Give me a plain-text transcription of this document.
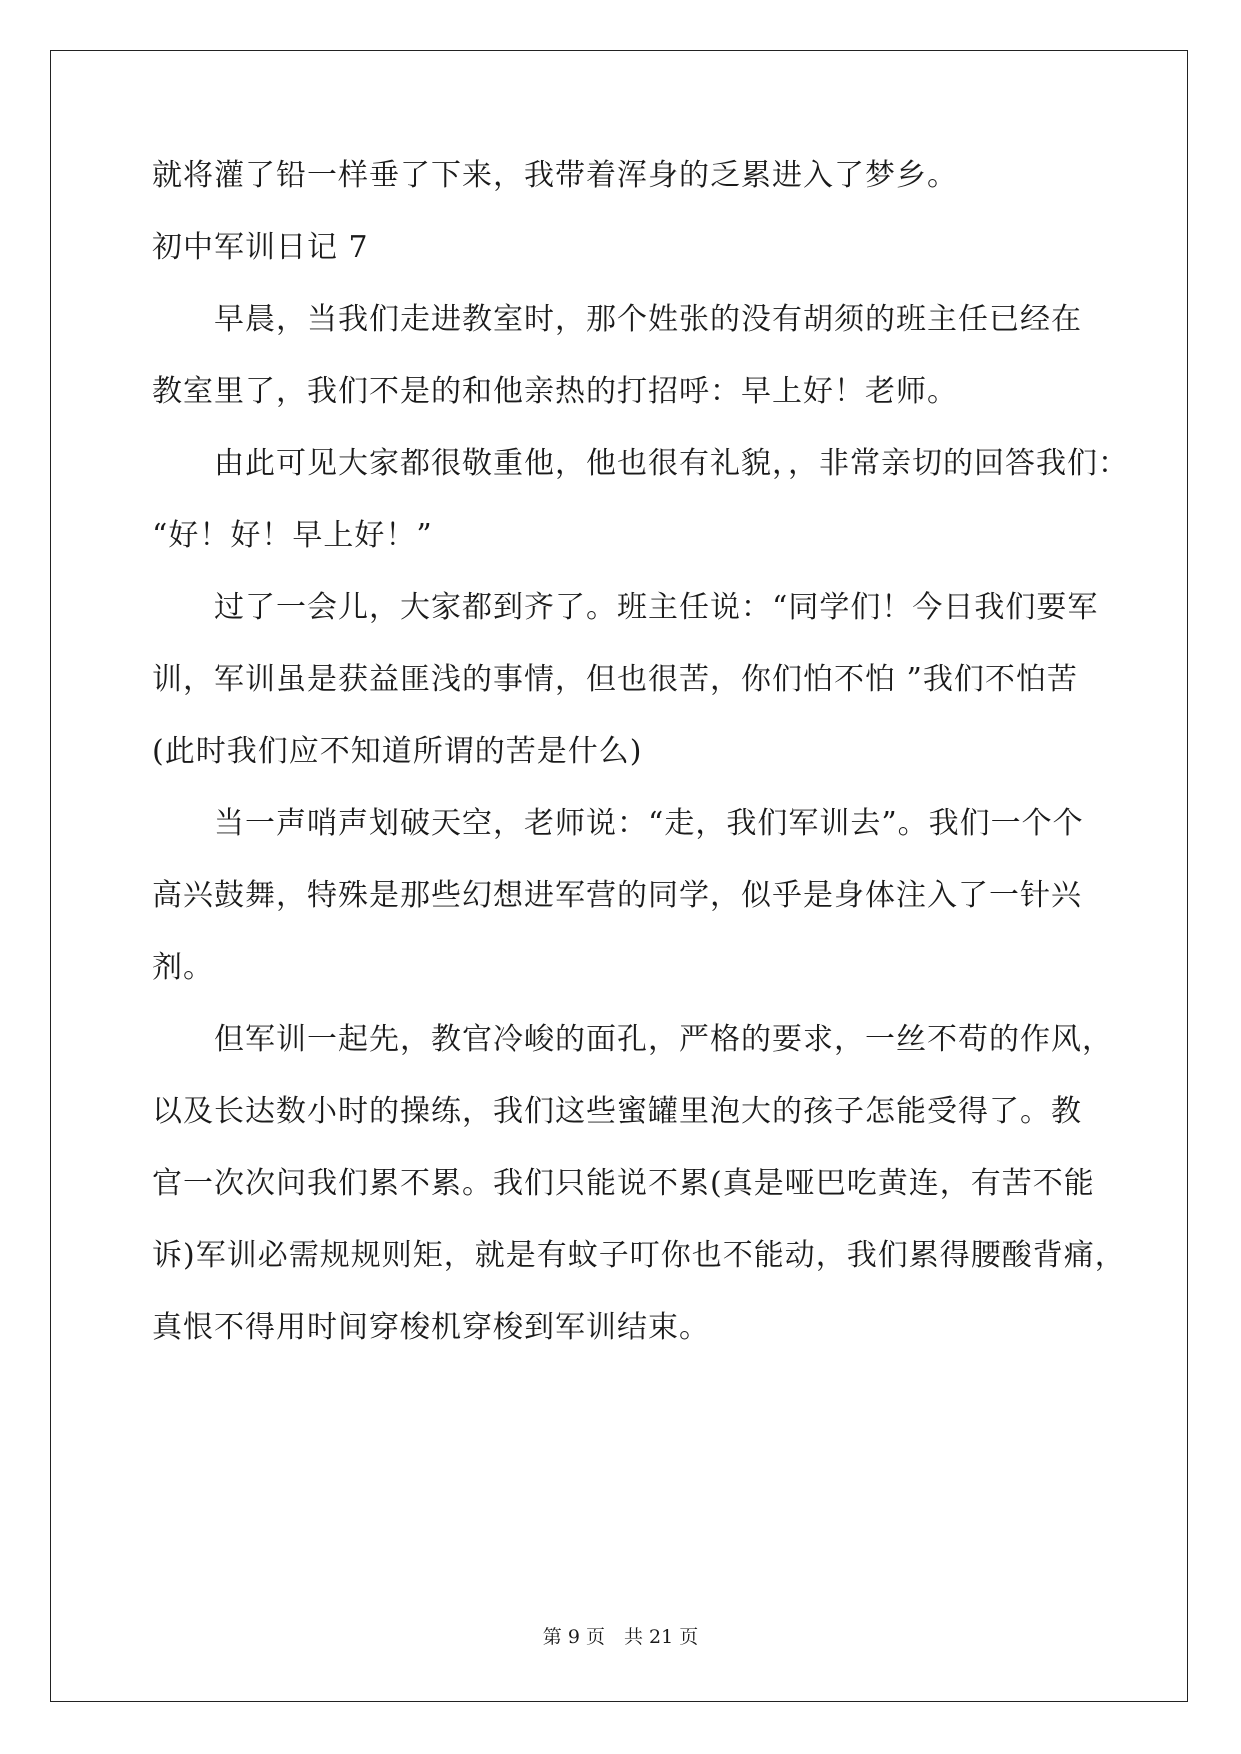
就将灌了铅一样垂了下来，我带着浑身的乏累进入了梦乡。
初中军训日记 7
早晨，当我们走进教室时，那个姓张的没有胡须的班主任已经在
教室里了，我们不是的和他亲热的打招呼：早上好！老师。
由此可见大家都很敬重他，他也很有礼貌，，非常亲切的回答我们：
“好！好！早上好！”
过了一会儿，大家都到齐了。班主任说：“同学们！今日我们要军
训，军训虽是获益匪浅的事情，但也很苦，你们怕不怕 ”我们不怕苦
(此时我们应不知道所谓的苦是什么)
当一声哨声划破天空，老师说：“走，我们军训去”。我们一个个
高兴鼓舞，特殊是那些幻想进军营的同学，似乎是身体注入了一针兴
剂。
但军训一起先，教官冷峻的面孔，严格的要求，一丝不苟的作风，
以及长达数小时的操练，我们这些蜜罐里泡大的孩子怎能受得了。教
官一次次问我们累不累。我们只能说不累(真是哑巴吃黄连，有苦不能
诉)军训必需规规则矩，就是有蚊子叮你也不能动，我们累得腰酸背痛，
真恨不得用时间穿梭机穿梭到军训结束。
第 9 页　共 21 页
